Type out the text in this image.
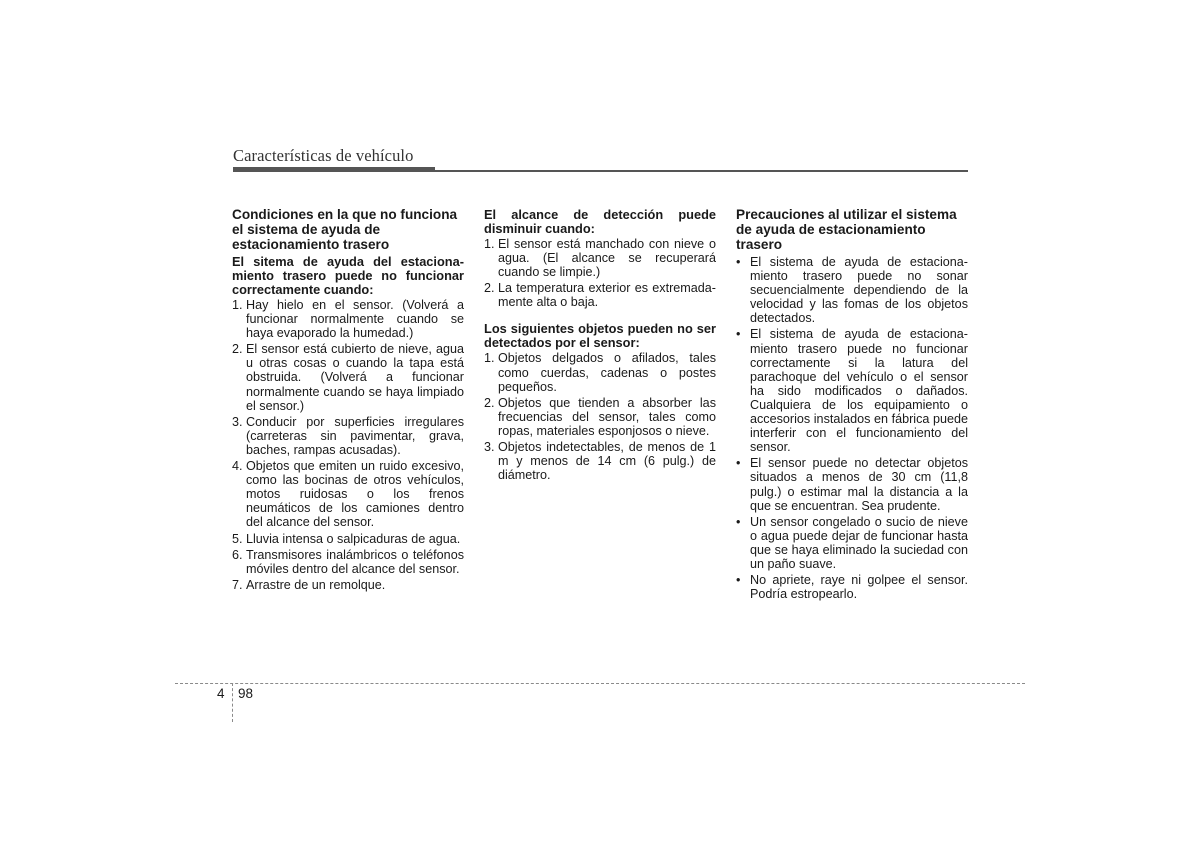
Características de vehículo
Condiciones en la que no funciona el sistema de ayuda de estacionamiento trasero
El sitema de ayuda del estacionamiento trasero puede no funcionar correctamente cuando:
1. Hay hielo en el sensor. (Volverá a funcionar normalmente cuando se haya evaporado la humedad.)
2. El sensor está cubierto de nieve, agua u otras cosas o cuando la tapa está obstruida. (Volverá a funcionar normalmente cuando se haya limpiado el sensor.)
3. Conducir por superficies irregulares (carreteras sin pavimentar, grava, baches, rampas acusadas).
4. Objetos que emiten un ruido excesivo, como las bocinas de otros vehículos, motos ruidosas o los frenos neumáticos de los camiones dentro del alcance del sensor.
5. Lluvia intensa o salpicaduras de agua.
6. Transmisores inalámbricos o teléfonos móviles dentro del alcance del sensor.
7. Arrastre de un remolque.
El alcance de detección puede disminuir cuando:
1. El sensor está manchado con nieve o agua. (El alcance se recuperará cuando se limpie.)
2. La temperatura exterior es extremadamente alta o baja.
Los siguientes objetos pueden no ser detectados por el sensor:
1. Objetos delgados o afilados, tales como cuerdas, cadenas o postes pequeños.
2. Objetos que tienden a absorber las frecuencias del sensor, tales como ropas, materiales esponjosos o nieve.
3. Objetos indetectables, de menos de 1 m y menos de 14 cm (6 pulg.) de diámetro.
Precauciones al utilizar el sistema de ayuda de estacionamiento trasero
• El sistema de ayuda de estacionamiento trasero puede no sonar secuencialmente dependiendo de la velocidad y las fomas de los objetos detectados.
• El sistema de ayuda de estacionamiento trasero puede no funcionar correctamente si la latura del parachoque del vehículo o el sensor ha sido modificados o dañados. Cualquiera de los equipamiento o accesorios instalados en fábrica puede interferir con el funcionamiento del sensor.
• El sensor puede no detectar objetos situados a menos de 30 cm (11,8 pulg.) o estimar mal la distancia a la que se encuentran. Sea prudente.
• Un sensor congelado o sucio de nieve o agua puede dejar de funcionar hasta que se haya eliminado la suciedad con un paño suave.
• No apriete, raye ni golpee el sensor. Podría estropearlo.
4 98
